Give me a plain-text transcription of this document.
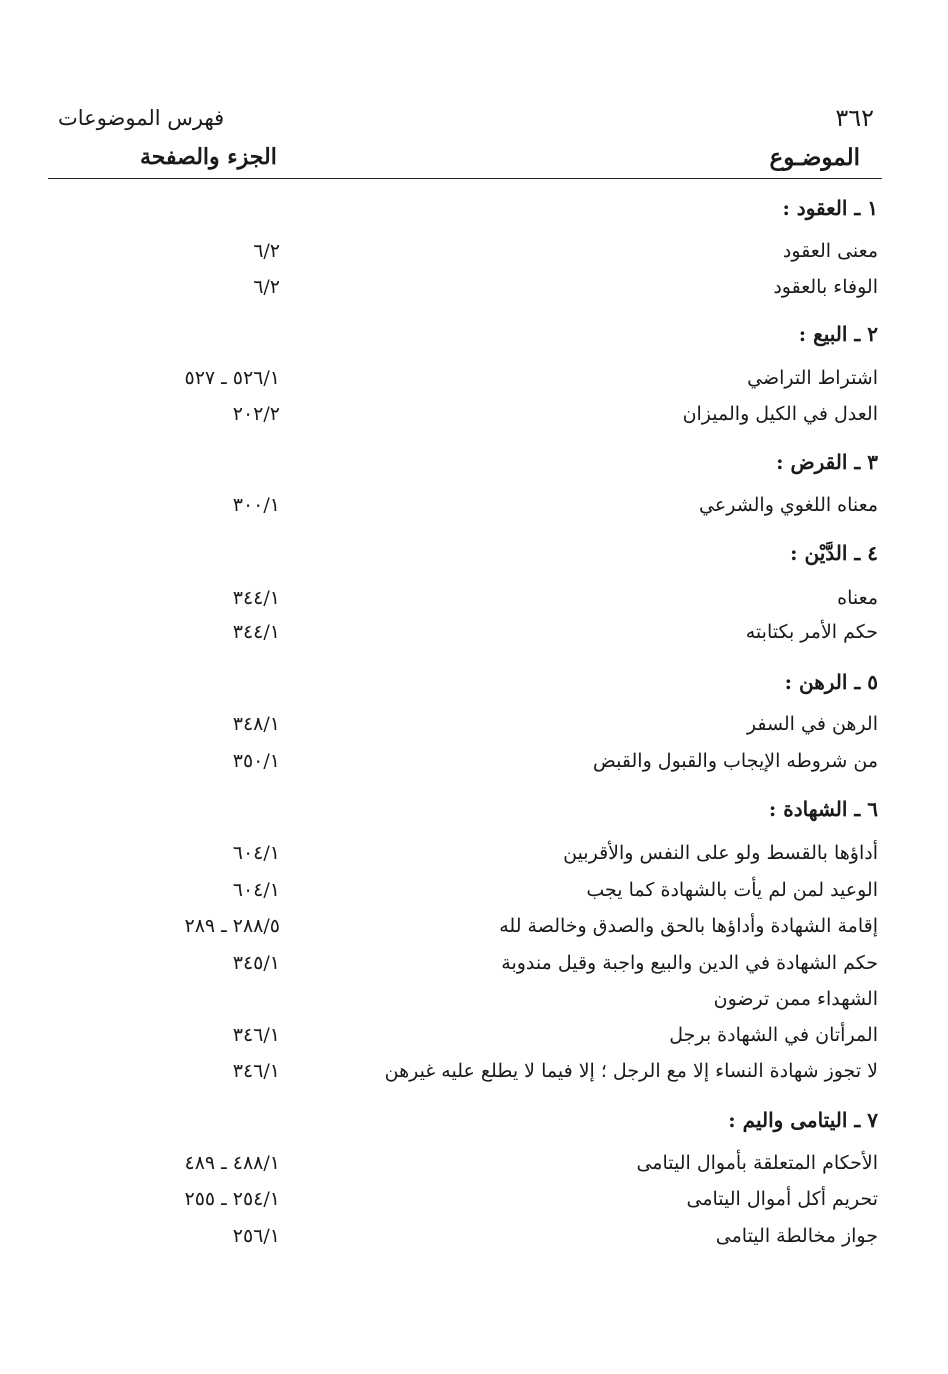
٣٦٢
فهرس الموضوعات
الموضـوع
الجزء والصفحة
١ ـ العقود :
معنى العقود
٦/٢
الوفاء بالعقود
٦/٢
٢ ـ البيع :
اشتراط التراضي
٥٢٦/١ ـ ٥٢٧
العدل في الكيل والميزان
٢٠٢/٢
٣ ـ القرض :
معناه اللغوي والشرعي
٣٠٠/١
٤ ـ الدَّيْن :
معناه
٣٤٤/١
حكم الأمر بكتابته
٣٤٤/١
٥ ـ الرهن :
الرهن في السفر
٣٤٨/١
من شروطه الإيجاب والقبول والقبض
٣٥٠/١
٦ ـ الشهادة :
أداؤها بالقسط ولو على النفس والأقربين
٦٠٤/١
الوعيد لمن لم يأت بالشهادة كما يجب
٦٠٤/١
إقامة الشهادة وأداؤها بالحق والصدق وخالصة لله
٢٨٨/٥ ـ ٢٨٩
حكم الشهادة في الدين والبيع واجبة وقيل مندوبة
٣٤٥/١
الشهداء ممن ترضون
المرأتان في الشهادة برجل
٣٤٦/١
لا تجوز شهادة النساء إلا مع الرجل ؛ إلا فيما لا يطلع عليه غيرهن
٣٤٦/١
٧ ـ اليتامى واليم :
الأحكام المتعلقة بأموال اليتامى
٤٨٨/١ ـ ٤٨٩
تحريم أكل أموال اليتامى
٢٥٤/١ ـ ٢٥٥
جواز مخالطة اليتامى
٢٥٦/١
